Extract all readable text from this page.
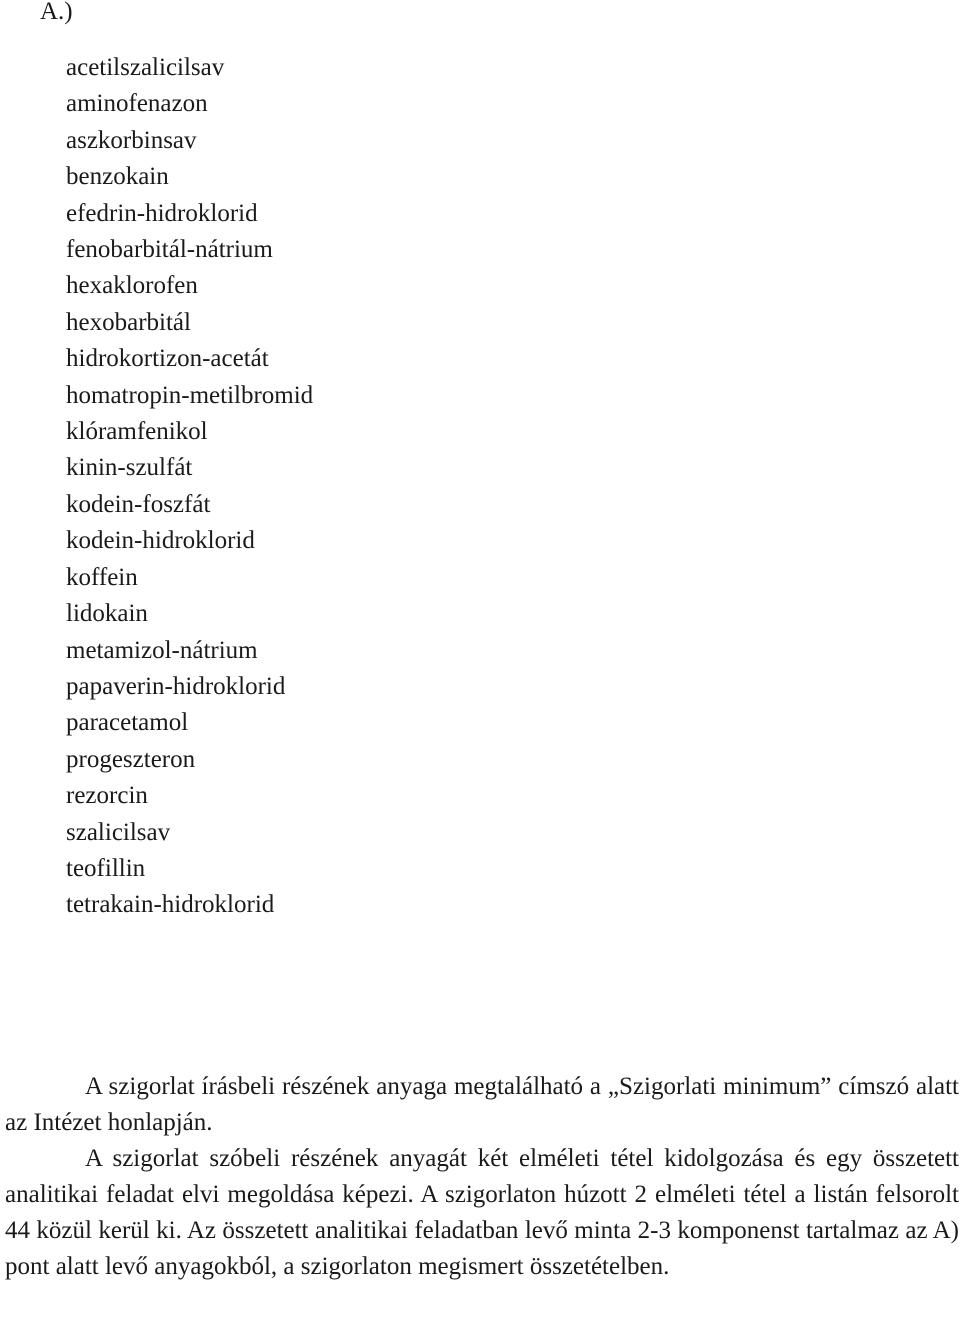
A.)
acetilszalicilsav
aminofenazon
aszkorbinsav
benzokain
efedrin-hidroklorid
fenobarbitál-nátrium
hexaklorofen
hexobarbitál
hidrokortizon-acetát
homatropin-metilbromid
klóramfenikol
kinin-szulfát
kodein-foszfát
kodein-hidroklorid
koffein
lidokain
metamizol-nátrium
papaverin-hidroklorid
paracetamol
progeszteron
rezorcin
szalicilsav
teofillin
tetrakain-hidroklorid

A szigorlat írásbeli részének anyaga megtalálható a „Szigorlati minimum” címszó alatt az Intézet honlapján.

A szigorlat szóbeli részének anyagát két elméleti tétel kidolgozása és egy összetett analitikai feladat elvi megoldása képezi. A szigorlaton húzott 2 elméleti tétel a listán felsorolt 44 közül kerül ki. Az összetett analitikai feladatban levő minta 2-3 komponenst tartalmaz az A) pont alatt levő anyagokból, a szigorlaton megismert összetételben.
